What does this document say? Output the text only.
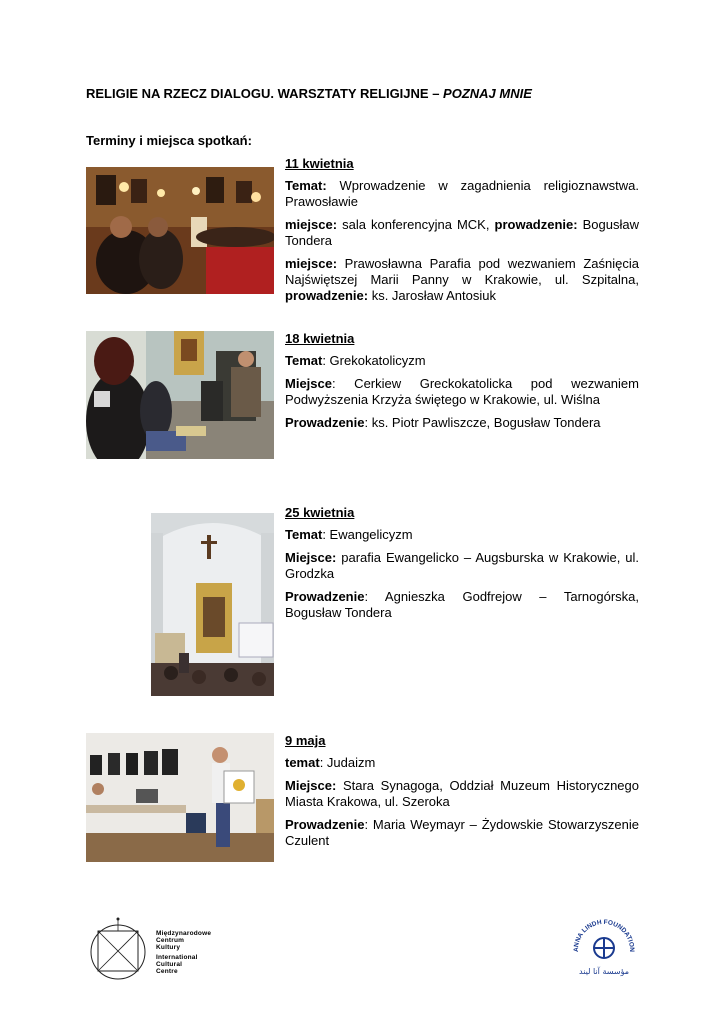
RELIGIE NA RZECZ DIALOGU. WARSZTATY RELIGIJNE – POZNAJ MNIE
Terminy i miejsca spotkań:
11 kwietnia
Temat: Wprowadzenie w zagadnienia religioznawstwa. Prawosławie
miejsce: sala konferencyjna MCK, prowadzenie: Bogusław Tondera
miejsce: Prawosławna Parafia pod wezwaniem Zaśnięcia Najświętszej Marii Panny w Krakowie, ul. Szpitalna, prowadzenie: ks. Jarosław Antosiuk
18 kwietnia
Temat: Grekokatolicyzm
Miejsce: Cerkiew Greckokatolicka pod wezwaniem Podwyższenia Krzyża świętego w Krakowie, ul. Wiślna
Prowadzenie: ks. Piotr Pawliszcze, Bogusław Tondera
25 kwietnia
Temat: Ewangelicyzm
Miejsce: parafia Ewangelicko – Augsburska w Krakowie, ul. Grodzka
Prowadzenie: Agnieszka Godfrejow – Tarnogórska, Bogusław Tondera
9 maja
temat: Judaizm
Miejsce: Stara Synagoga, Oddział Muzeum Historycznego Miasta Krakowa, ul. Szeroka
Prowadzenie: Maria Weymayr – Żydowskie Stowarzyszenie Czulent
Międzynarodowe
Centrum
Kultury
International
Cultural
Centre
ANNA LINDH FOUNDATION
مؤسسة آنا ليند
